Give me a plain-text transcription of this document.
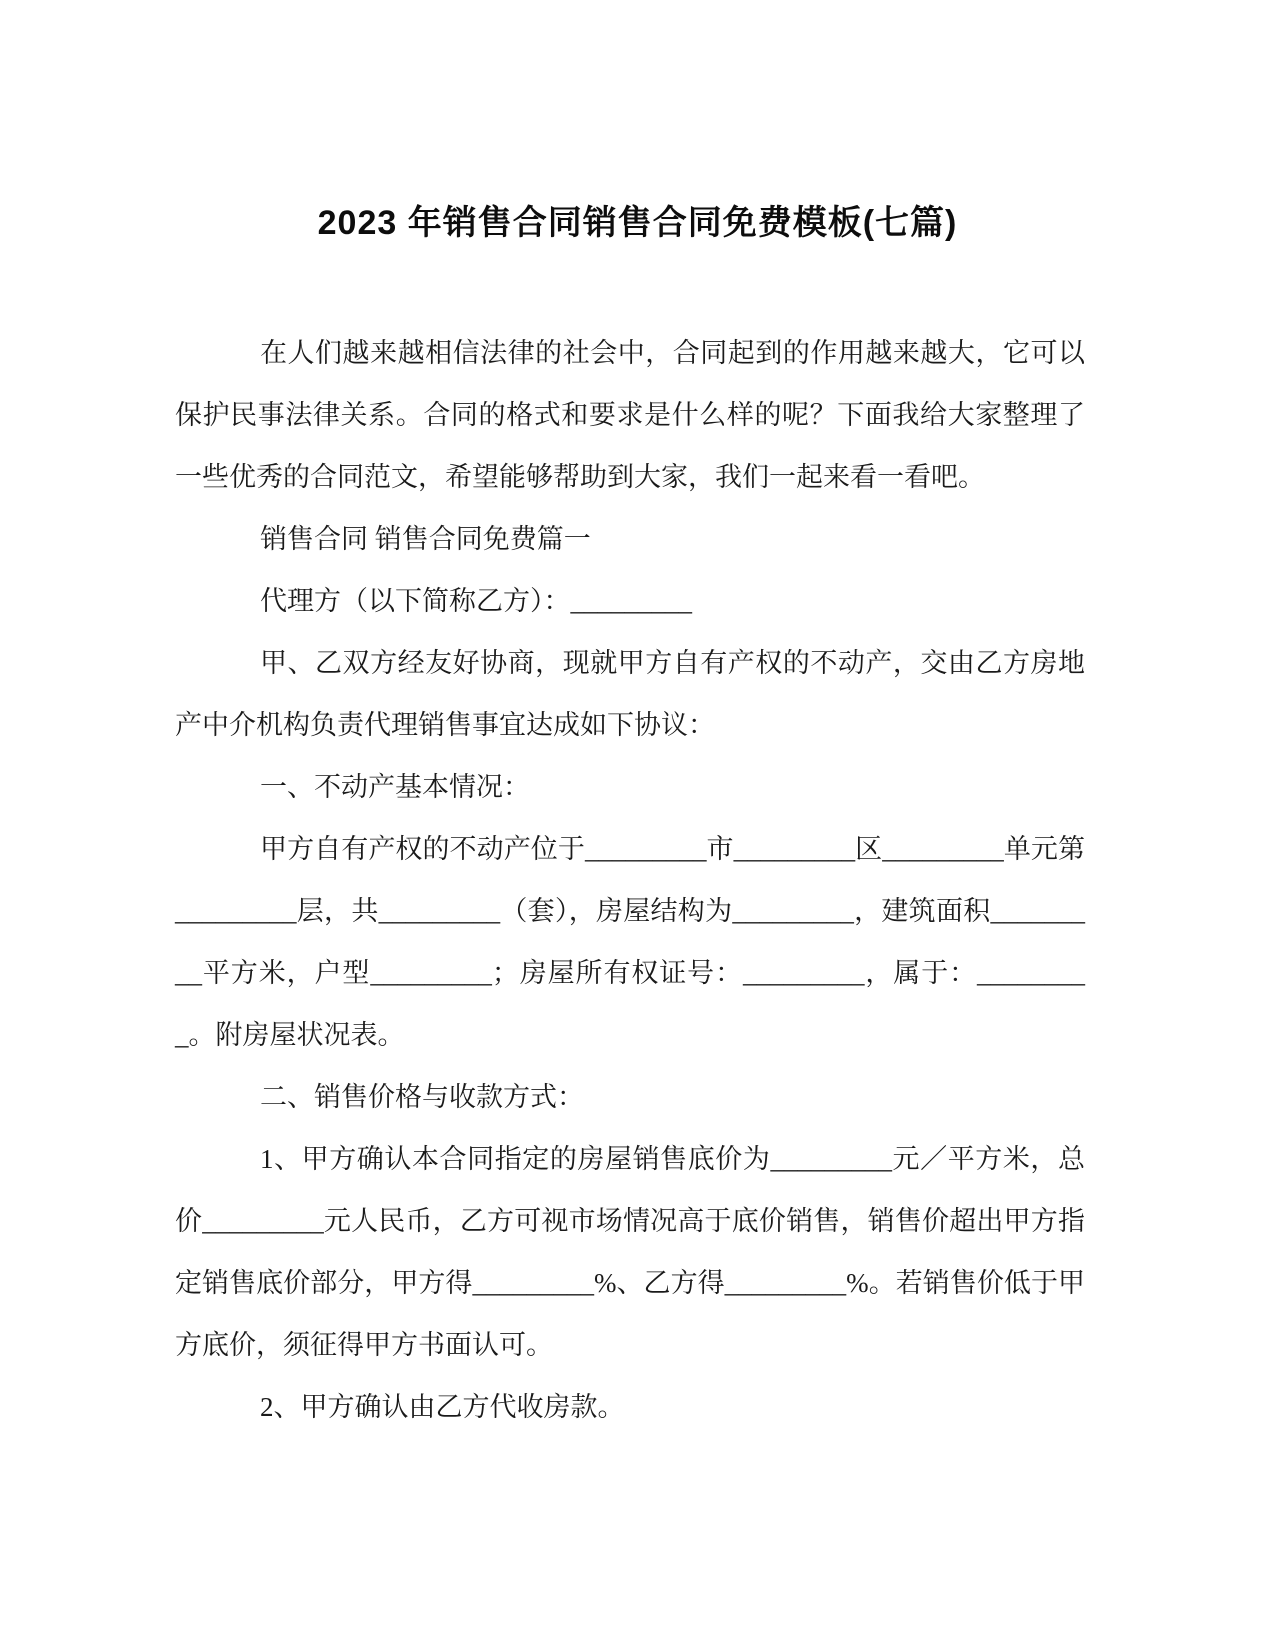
2023 年销售合同销售合同免费模板(七篇)

在人们越来越相信法律的社会中，合同起到的作用越来越大，它可以保护民事法律关系。合同的格式和要求是什么样的呢？下面我给大家整理了一些优秀的合同范文，希望能够帮助到大家，我们一起来看一看吧。

销售合同 销售合同免费篇一

代理方（以下简称乙方）：_________

甲、乙双方经友好协商，现就甲方自有产权的不动产，交由乙方房地产中介机构负责代理销售事宜达成如下协议：

一、不动产基本情况：

甲方自有产权的不动产位于_________市_________区_________单元第_________层，共_________（套），房屋结构为_________，建筑面积_________平方米，户型_________；房屋所有权证号：_________，属于：_________。附房屋状况表。

二、销售价格与收款方式：

1、甲方确认本合同指定的房屋销售底价为_________元／平方米，总价_________元人民币，乙方可视市场情况高于底价销售，销售价超出甲方指定销售底价部分，甲方得_________%、乙方得_________%。若销售价低于甲方底价，须征得甲方书面认可。

2、甲方确认由乙方代收房款。
